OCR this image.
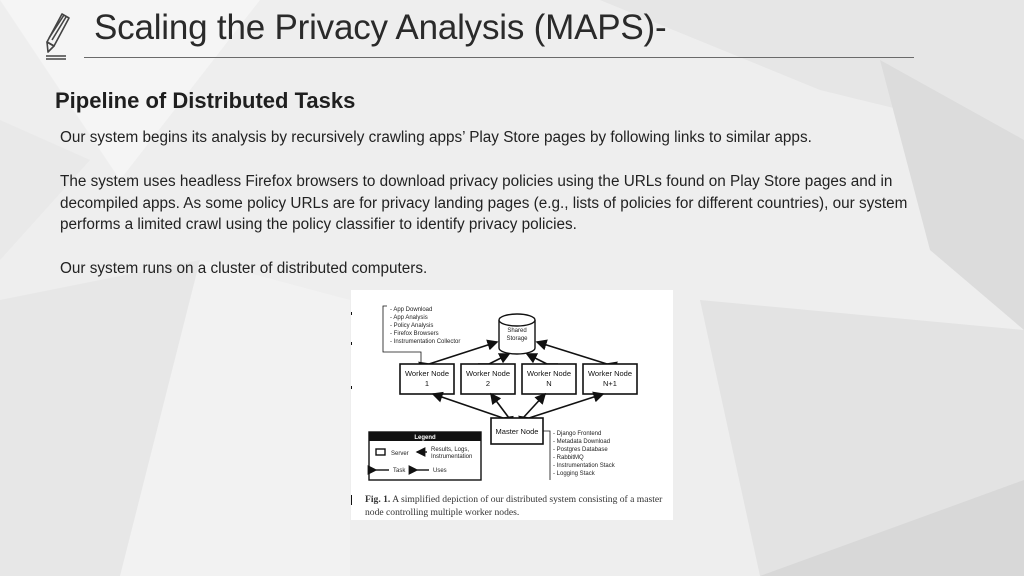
Scaling the Privacy Analysis (MAPS)-
Pipeline of Distributed Tasks
Our system begins its analysis by recursively crawling apps’ Play Store pages by following links to similar apps.
The system uses headless Firefox browsers to download privacy policies using the URLs found on Play Store pages and in decompiled apps. As some policy URLs are for privacy landing pages (e.g., lists of policies for different countries), our system performs a limited crawl using the policy classifier to identify privacy policies.
Our system runs on a cluster of distributed computers.
- App Download
- App Analysis
- Policy Analysis
- Firefox Browsers
- Instrumentation Collector
Shared
Storage
Worker Node
1
Worker Node
2
Worker Node
N
Worker Node
N+1
Master Node - Django Frontend
- Metadata Download
- Postgres Database
- RabbitMQ
- Instrumentation Stack
- Logging Stack
Legend
Server
Results, Logs,
Instrumentation
Task	Uses
Fig. 1. A simplified depiction of our distributed system consisting of a master node controlling multiple worker nodes.
